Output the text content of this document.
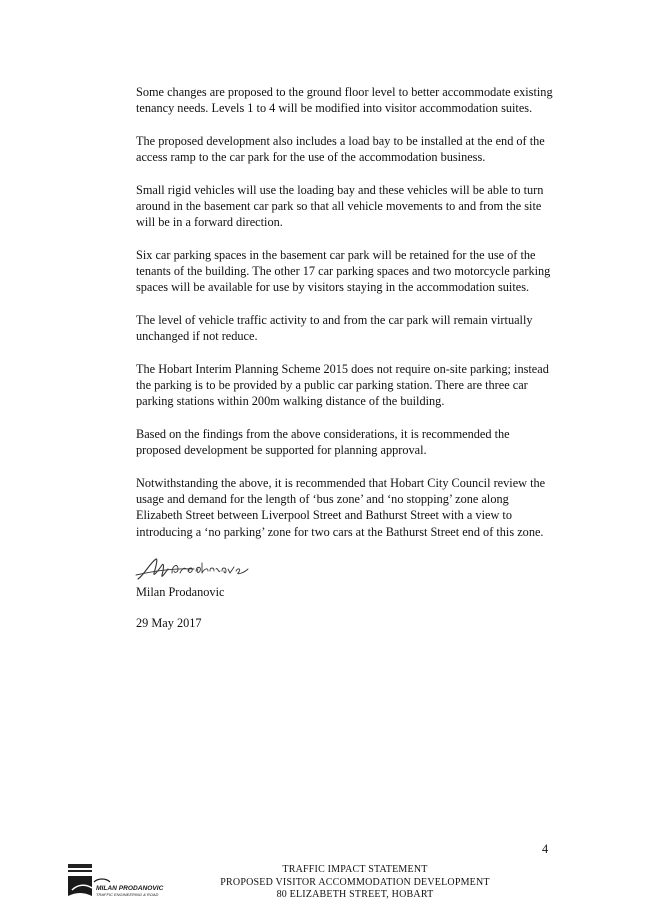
Some changes are proposed to the ground floor level to better accommodate existing tenancy needs. Levels 1 to 4 will be modified into visitor accommodation suites.

The proposed development also includes a load bay to be installed at the end of the access ramp to the car park for the use of the accommodation business.

Small rigid vehicles will use the loading bay and these vehicles will be able to turn around in the basement car park so that all vehicle movements to and from the site will be in a forward direction.

Six car parking spaces in the basement car park will be retained for the use of the tenants of the building. The other 17 car parking spaces and two motorcycle parking spaces will be available for use by visitors staying in the accommodation suites.

The level of vehicle traffic activity to and from the car park will remain virtually unchanged if not reduce.

The Hobart Interim Planning Scheme 2015 does not require on-site parking; instead the parking is to be provided by a public car parking station. There are three car parking stations within 200m walking distance of the building.

Based on the findings from the above considerations, it is recommended the proposed development be supported for planning approval.

Notwithstanding the above, it is recommended that Hobart City Council review the usage and demand for the length of ‘bus zone’ and ‘no stopping’ zone along Elizabeth Street between Liverpool Street and Bathurst Street with a view to introducing a ‘no parking’ zone for two cars at the Bathurst Street end of this zone.

Milan Prodanovic
29 May 2017
4
MILAN PRODANOVIC
TRAFFIC ENGINEERING & ROAD
TRAFFIC IMPACT STATEMENT
PROPOSED VISITOR ACCOMMODATION DEVELOPMENT
80 ELIZABETH STREET, HOBART
